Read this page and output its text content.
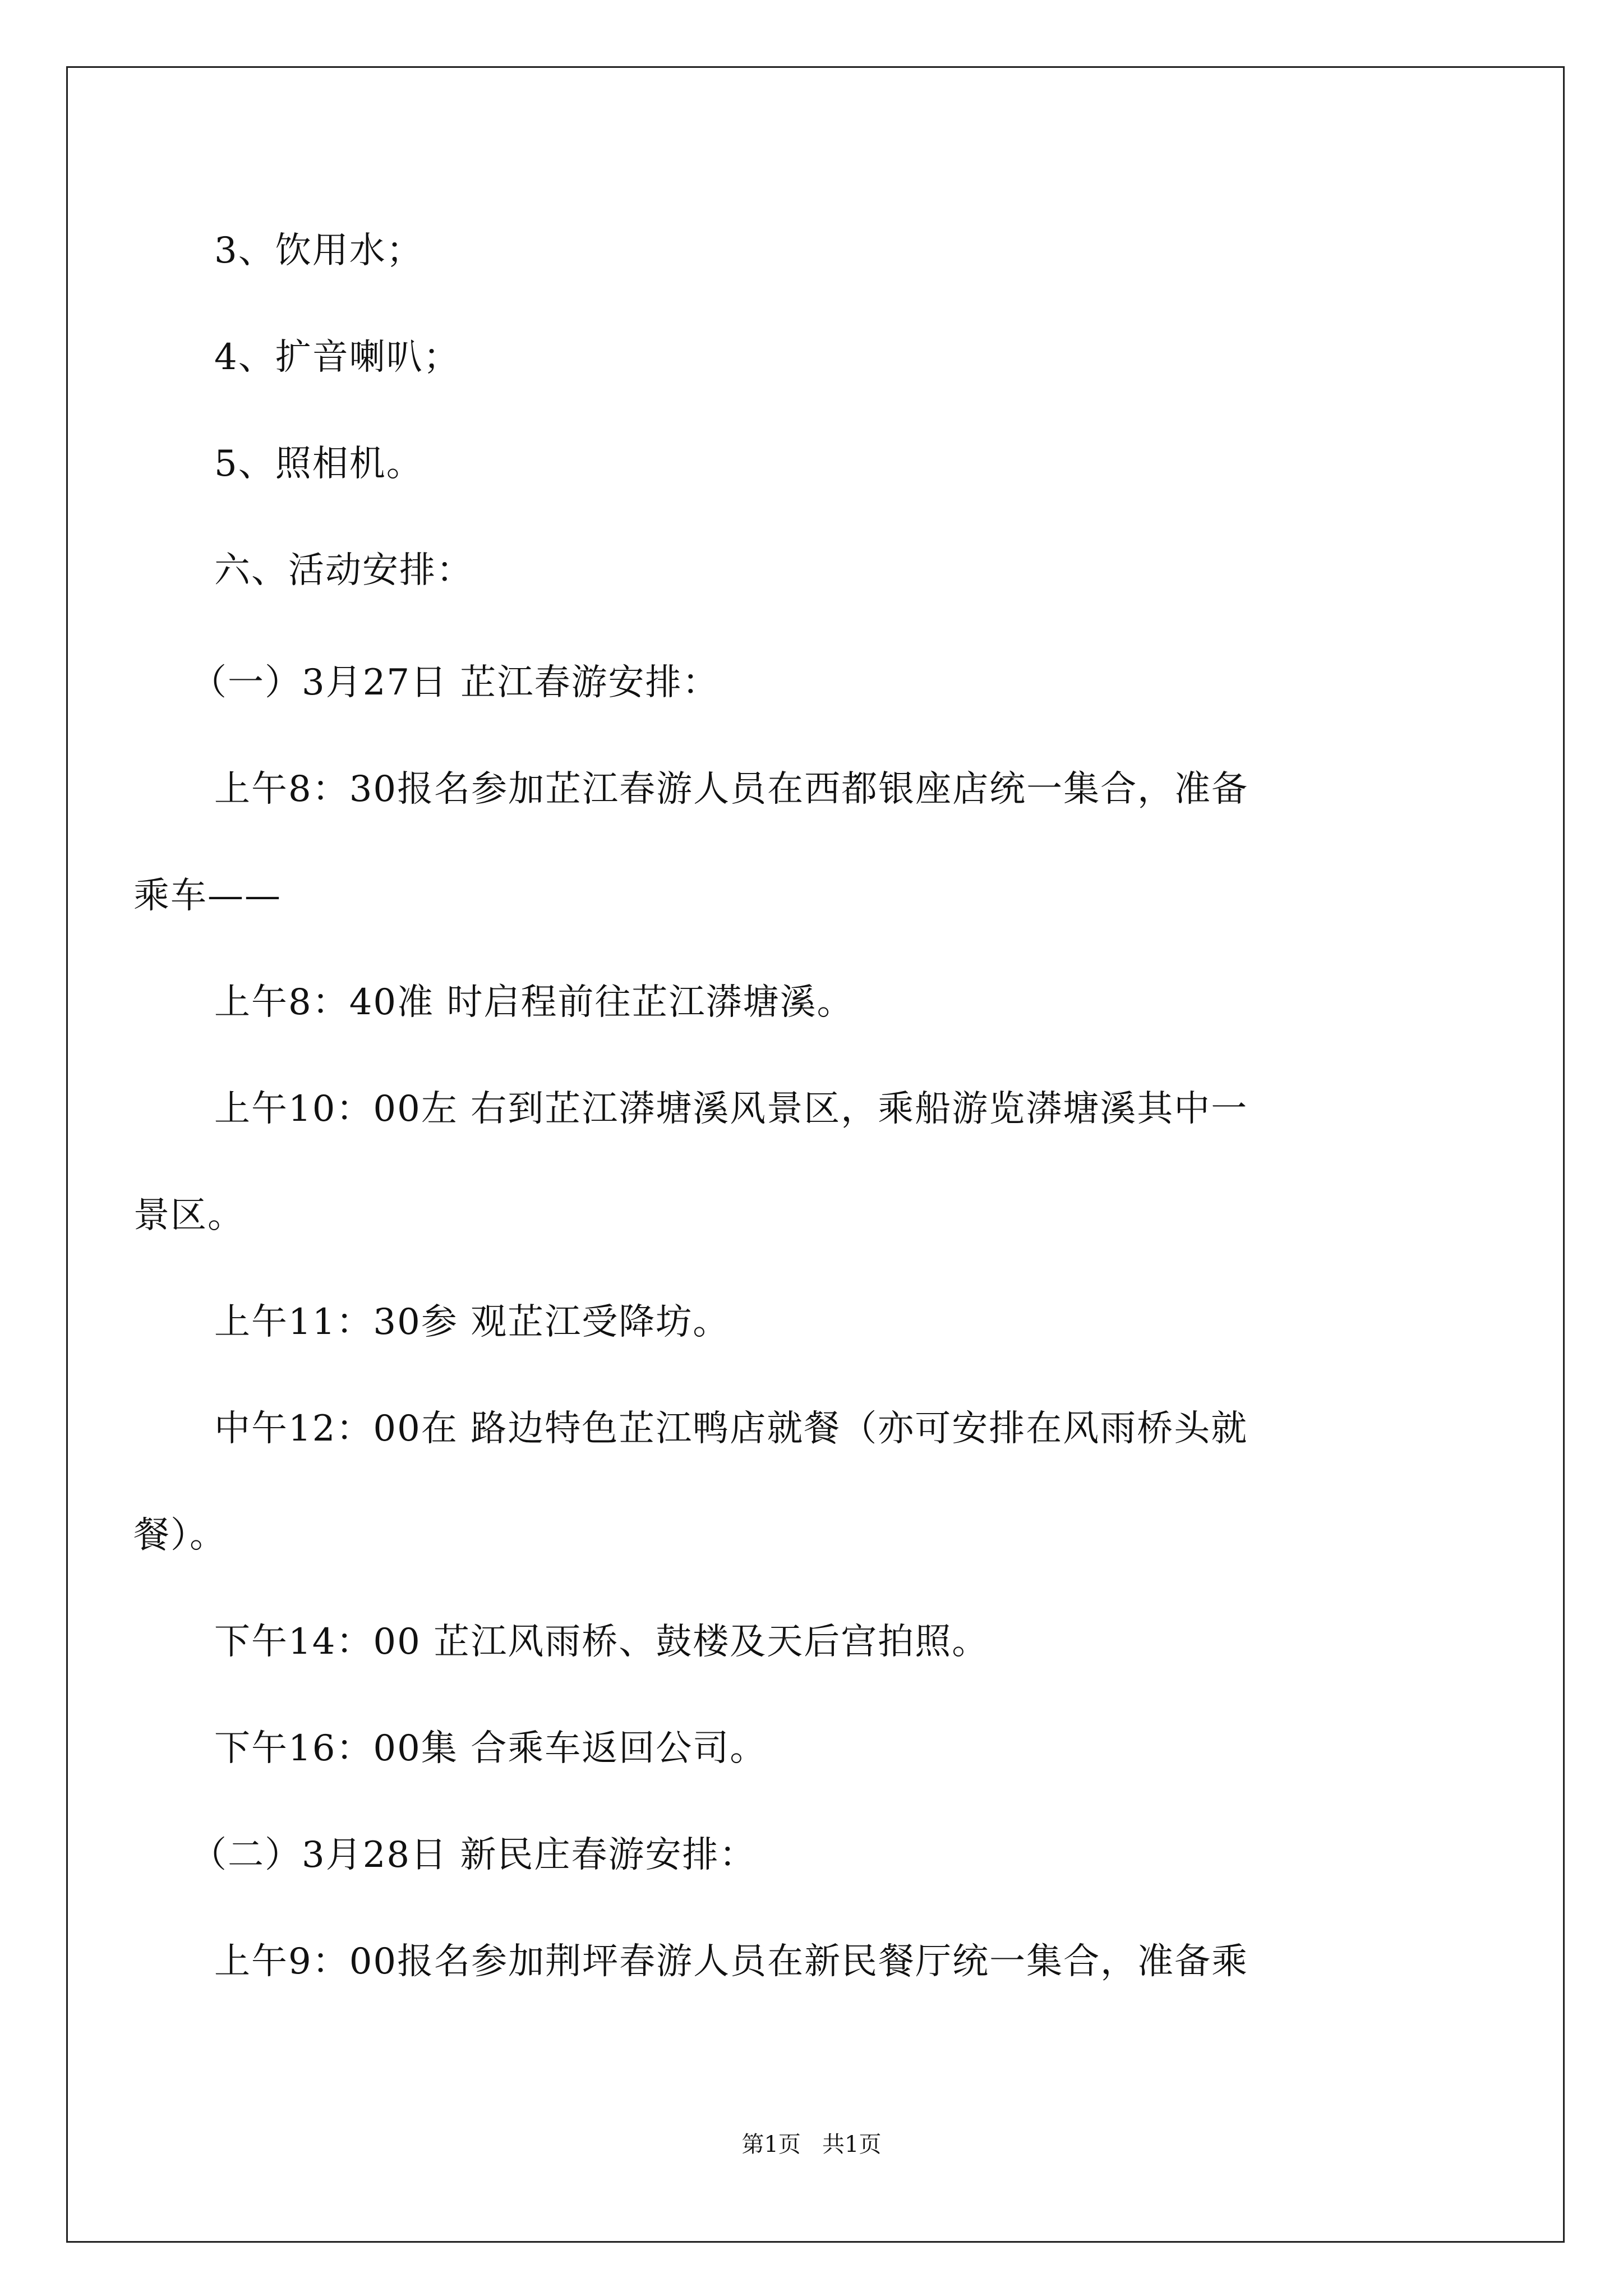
3、饮用水；
4、扩音喇叭；
5、照相机。
六、活动安排：
（一）3月27日 芷江春游安排：
上午8：30报名参加芷江春游人员在西都银座店统一集合，准备
乘车——
上午8：40准 时启程前往芷江漭塘溪。
上午10：00左 右到芷江漭塘溪风景区，乘船游览漭塘溪其中一
景区。
上午11：30参 观芷江受降坊。
中午12：00在 路边特色芷江鸭店就餐（亦可安排在风雨桥头就
餐）。
下午14：00 芷江风雨桥、鼓楼及天后宫拍照。
下午16：00集 合乘车返回公司。
（二）3月28日 新民庄春游安排：
上午9：00报名参加荆坪春游人员在新民餐厅统一集合，准备乘
第1页   共1页
